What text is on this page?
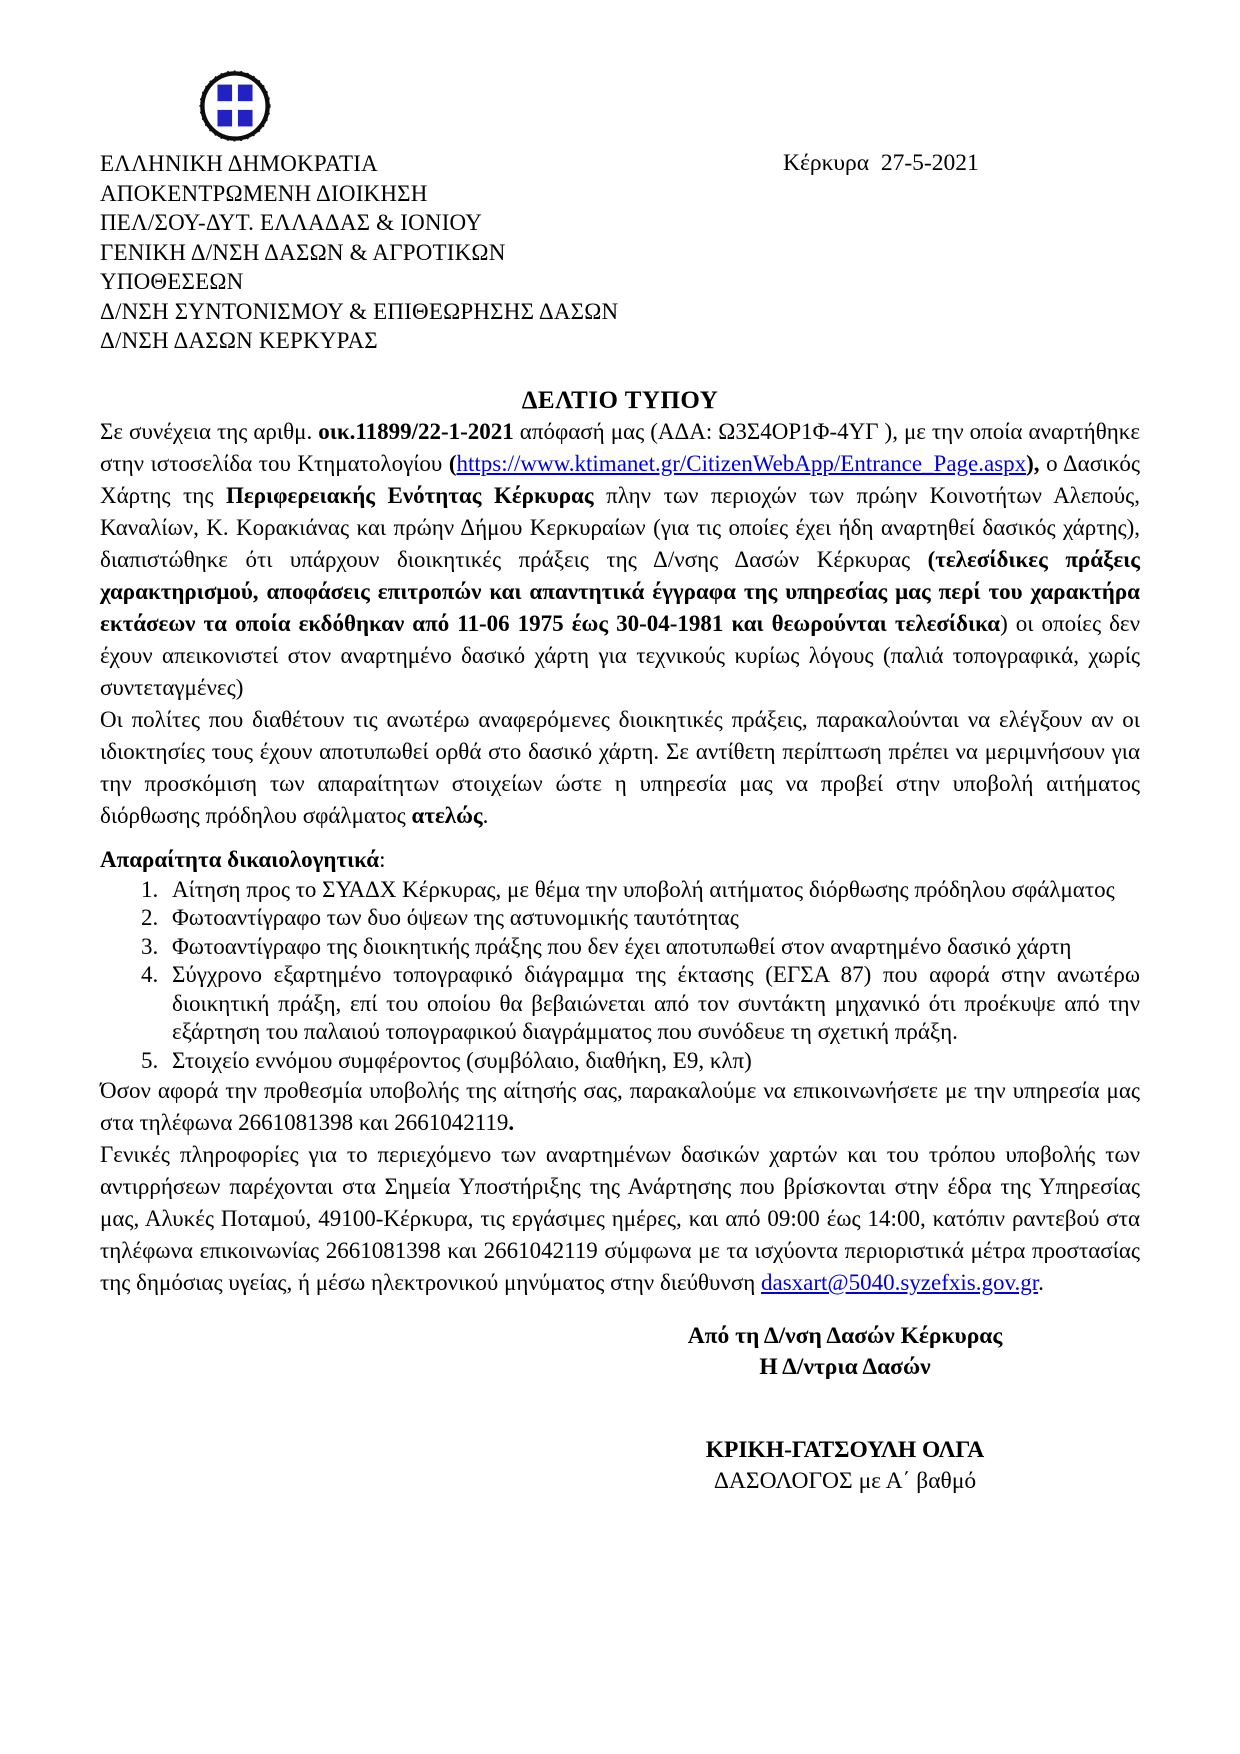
ΕΛΛΗΝΙΚΗ ΔΗΜΟΚΡΑΤΙΑ
ΑΠΟΚΕΝΤΡΩΜΕΝΗ ΔΙΟΙΚΗΣΗ
ΠΕΛ/ΣΟΥ-ΔΥΤ. ΕΛΛΑΔΑΣ & ΙΟΝΙΟΥ
ΓΕΝΙΚΗ Δ/ΝΣΗ ΔΑΣΩΝ & ΑΓΡΟΤΙΚΩΝ
ΥΠΟΘΕΣΕΩΝ
Δ/ΝΣΗ ΣΥΝΤΟΝΙΣΜΟΥ & ΕΠΙΘΕΩΡΗΣΗΣ ΔΑΣΩΝ
Δ/ΝΣΗ ΔΑΣΩΝ ΚΕΡΚΥΡΑΣ
Κέρκυρα  27-5-2021
ΔΕΛΤΙΟ ΤΥΠΟΥ

Σε συνέχεια της αριθμ. οικ.11899/22-1-2021 απόφασή μας (ΑΔΑ: Ω3Σ4ΟΡ1Φ-4ΥΓ ), με την οποία αναρτήθηκε στην ιστοσελίδα του Κτηματολογίου (https://www.ktimanet.gr/CitizenWebApp/Entrance_Page.aspx), ο Δασικός Χάρτης της Περιφερειακής Ενότητας Κέρκυρας πλην των περιοχών των πρώην Κοινοτήτων Αλεπούς, Καναλίων, Κ. Κορακιάνας και πρώην Δήμου Κερκυραίων (για τις οποίες έχει ήδη αναρτηθεί δασικός χάρτης), διαπιστώθηκε ότι υπάρχουν διοικητικές πράξεις της Δ/νσης Δασών Κέρκυρας (τελεσίδικες πράξεις χαρακτηρισμού, αποφάσεις επιτροπών και απαντητικά έγγραφα της υπηρεσίας μας περί του χαρακτήρα εκτάσεων τα οποία εκδόθηκαν από 11-06 1975 έως 30-04-1981 και θεωρούνται τελεσίδικα) οι οποίες δεν έχουν απεικονιστεί στον αναρτημένο δασικό χάρτη για τεχνικούς κυρίως λόγους (παλιά τοπογραφικά, χωρίς συντεταγμένες)

Οι πολίτες που διαθέτουν τις ανωτέρω αναφερόμενες διοικητικές πράξεις, παρακαλούνται να ελέγξουν αν οι ιδιοκτησίες τους έχουν αποτυπωθεί ορθά στο δασικό χάρτη. Σε αντίθετη περίπτωση πρέπει να μεριμνήσουν για την προσκόμιση των απαραίτητων στοιχείων ώστε η υπηρεσία μας να προβεί στην υποβολή αιτήματος διόρθωσης πρόδηλου σφάλματος ατελώς.

Απαραίτητα δικαιολογητικά:
1. Αίτηση προς το ΣΥΑΔΧ Κέρκυρας, με θέμα την υποβολή αιτήματος διόρθωσης πρόδηλου σφάλματος
2. Φωτοαντίγραφο των δυο όψεων της αστυνομικής ταυτότητας
3. Φωτοαντίγραφο της διοικητικής πράξης που δεν έχει αποτυπωθεί στον αναρτημένο δασικό χάρτη
4. Σύγχρονο εξαρτημένο τοπογραφικό διάγραμμα της έκτασης (ΕΓΣΑ 87) που αφορά στην ανωτέρω διοικητική πράξη, επί του οποίου θα βεβαιώνεται από τον συντάκτη μηχανικό ότι προέκυψε από την εξάρτηση του παλαιού τοπογραφικού διαγράμματος που συνόδευε τη σχετική πράξη.
5. Στοιχείο εννόμου συμφέροντος (συμβόλαιο, διαθήκη, Ε9, κλπ)

Όσον αφορά την προθεσμία υποβολής της αίτησής σας, παρακαλούμε να επικοινωνήσετε με την υπηρεσία μας στα τηλέφωνα 2661081398 και 2661042119.

Γενικές πληροφορίες για το περιεχόμενο των αναρτημένων δασικών χαρτών και του τρόπου υποβολής των αντιρρήσεων παρέχονται στα Σημεία Υποστήριξης της Ανάρτησης που βρίσκονται στην έδρα της Υπηρεσίας μας, Αλυκές Ποταμού, 49100-Κέρκυρα, τις εργάσιμες ημέρες, και από 09:00 έως 14:00, κατόπιν ραντεβού στα τηλέφωνα επικοινωνίας 2661081398 και 2661042119 σύμφωνα με τα ισχύοντα περιοριστικά μέτρα προστασίας της δημόσιας υγείας, ή μέσω ηλεκτρονικού μηνύματος στην διεύθυνση dasxart@5040.syzefxis.gov.gr.

Από τη Δ/νση Δασών Κέρκυρας
Η Δ/ντρια Δασών
ΚΡΙΚΗ-ΓΑΤΣΟΥΛΗ ΟΛΓΑ
ΔΑΣΟΛΟΓΟΣ με Α΄ βαθμό
